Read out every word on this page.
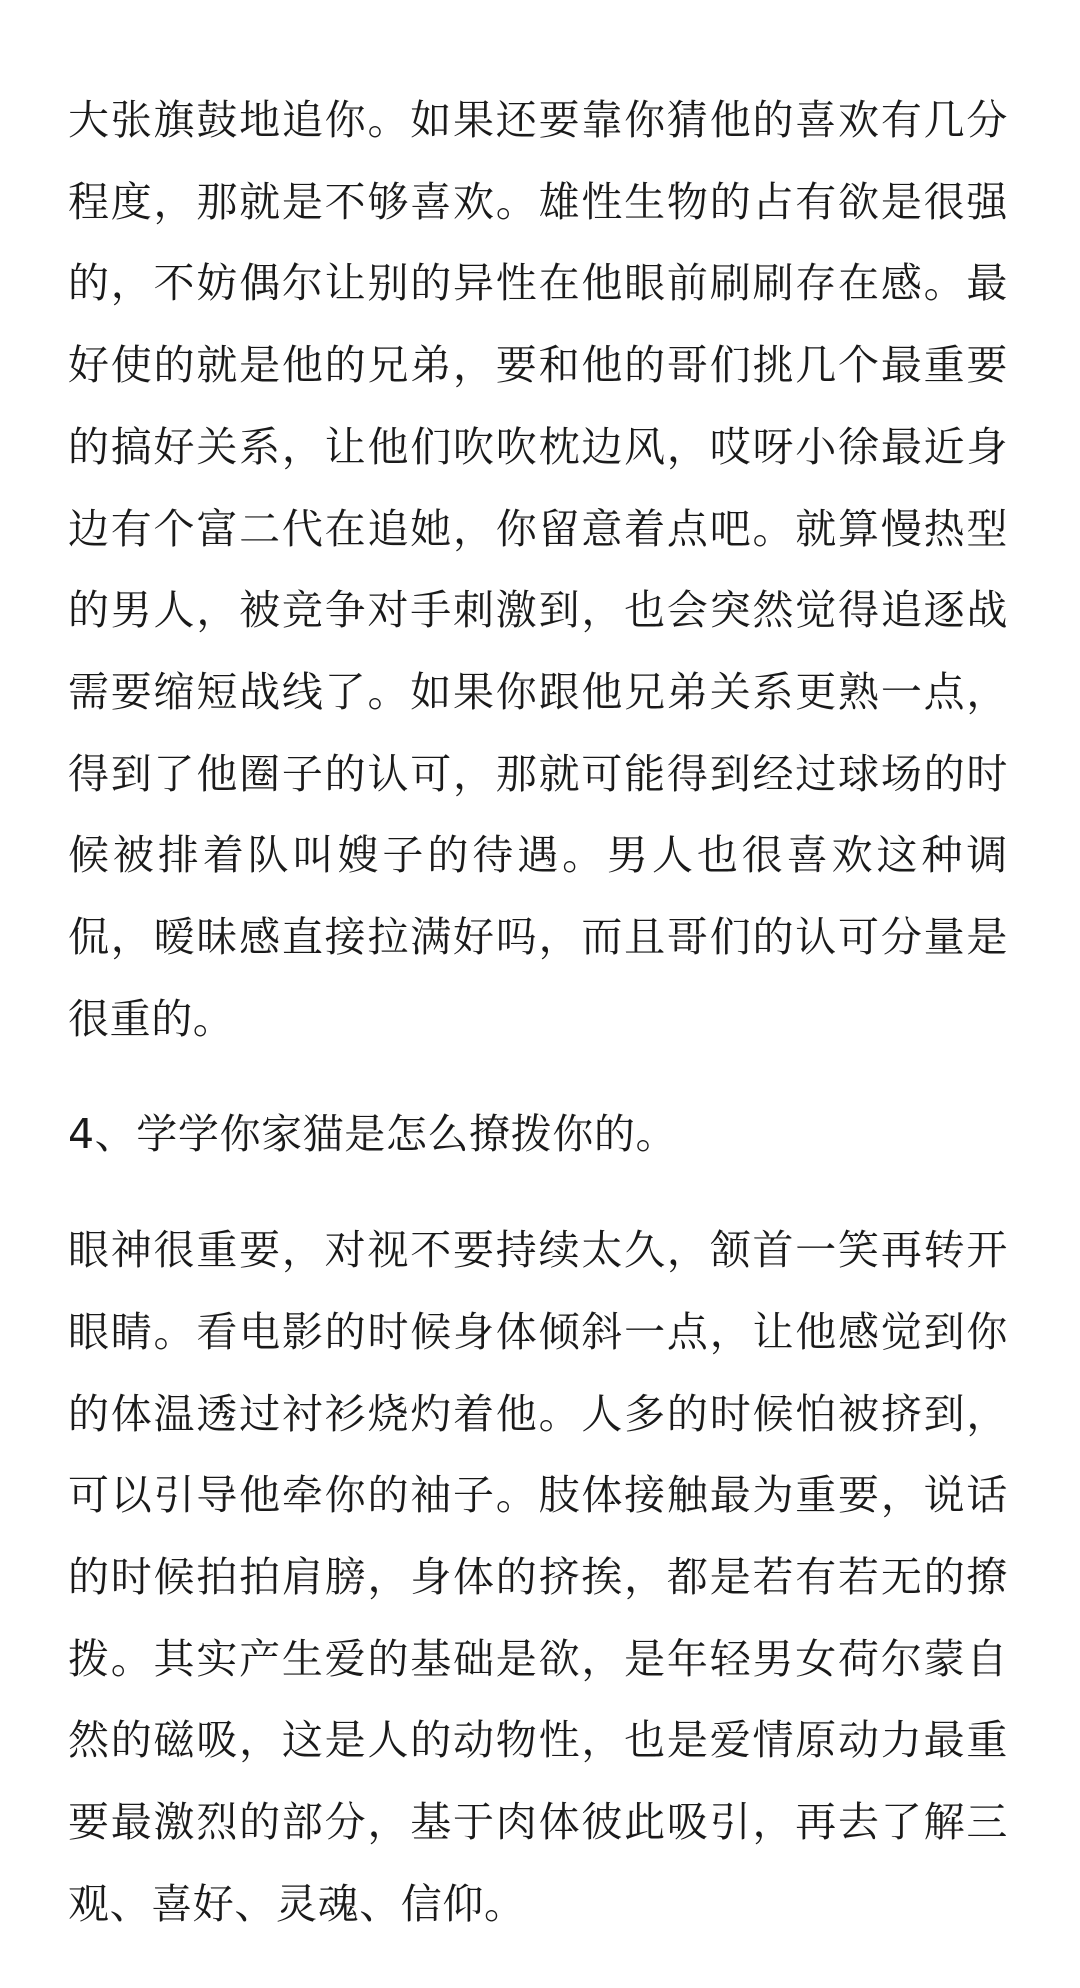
大张旗鼓地追你。如果还要靠你猜他的喜欢有几分程度，那就是不够喜欢。雄性生物的占有欲是很强的，不妨偶尔让别的异性在他眼前刷刷存在感。最好使的就是他的兄弟，要和他的哥们挑几个最重要的搞好关系，让他们吹吹枕边风，哎呀小徐最近身边有个富二代在追她，你留意着点吧。就算慢热型的男人，被竞争对手刺激到，也会突然觉得追逐战需要缩短战线了。如果你跟他兄弟关系更熟一点，得到了他圈子的认可，那就可能得到经过球场的时候被排着队叫嫂子的待遇。男人也很喜欢这种调侃，暧昧感直接拉满好吗，而且哥们的认可分量是很重的。

4、学学你家猫是怎么撩拨你的。

眼神很重要，对视不要持续太久，颔首一笑再转开眼睛。看电影的时候身体倾斜一点，让他感觉到你的体温透过衬衫烧灼着他。人多的时候怕被挤到，可以引导他牵你的袖子。肢体接触最为重要，说话的时候拍拍肩膀，身体的挤挨，都是若有若无的撩拨。其实产生爱的基础是欲，是年轻男女荷尔蒙自然的磁吸，这是人的动物性，也是爱情原动力最重要最激烈的部分，基于肉体彼此吸引，再去了解三观、喜好、灵魂、信仰。
